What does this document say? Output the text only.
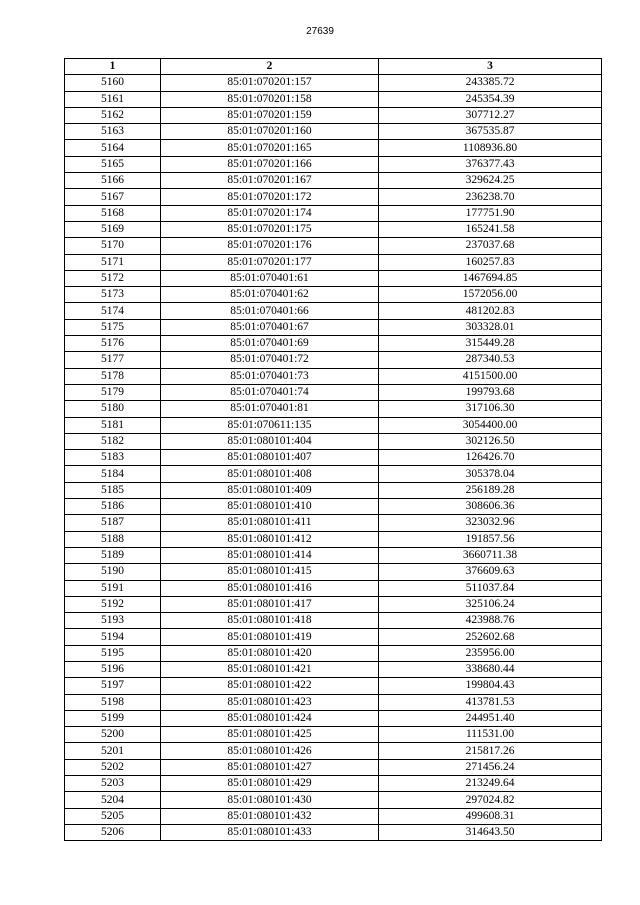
27639
1	2	3
5160	85:01:070201:157	243385.72
5161	85:01:070201:158	245354.39
5162	85:01:070201:159	307712.27
5163	85:01:070201:160	367535.87
5164	85:01:070201:165	1108936.80
5165	85:01:070201:166	376377.43
5166	85:01:070201:167	329624.25
5167	85:01:070201:172	236238.70
5168	85:01:070201:174	177751.90
5169	85:01:070201:175	165241.58
5170	85:01:070201:176	237037.68
5171	85:01:070201:177	160257.83
5172	85:01:070401:61	1467694.85
5173	85:01:070401:62	1572056.00
5174	85:01:070401:66	481202.83
5175	85:01:070401:67	303328.01
5176	85:01:070401:69	315449.28
5177	85:01:070401:72	287340.53
5178	85:01:070401:73	4151500.00
5179	85:01:070401:74	199793.68
5180	85:01:070401:81	317106.30
5181	85:01:070611:135	3054400.00
5182	85:01:080101:404	302126.50
5183	85:01:080101:407	126426.70
5184	85:01:080101:408	305378.04
5185	85:01:080101:409	256189.28
5186	85:01:080101:410	308606.36
5187	85:01:080101:411	323032.96
5188	85:01:080101:412	191857.56
5189	85:01:080101:414	3660711.38
5190	85:01:080101:415	376609.63
5191	85:01:080101:416	511037.84
5192	85:01:080101:417	325106.24
5193	85:01:080101:418	423988.76
5194	85:01:080101:419	252602.68
5195	85:01:080101:420	235956.00
5196	85:01:080101:421	338680.44
5197	85:01:080101:422	199804.43
5198	85:01:080101:423	413781.53
5199	85:01:080101:424	244951.40
5200	85:01:080101:425	111531.00
5201	85:01:080101:426	215817.26
5202	85:01:080101:427	271456.24
5203	85:01:080101:429	213249.64
5204	85:01:080101:430	297024.82
5205	85:01:080101:432	499608.31
5206	85:01:080101:433	314643.50
